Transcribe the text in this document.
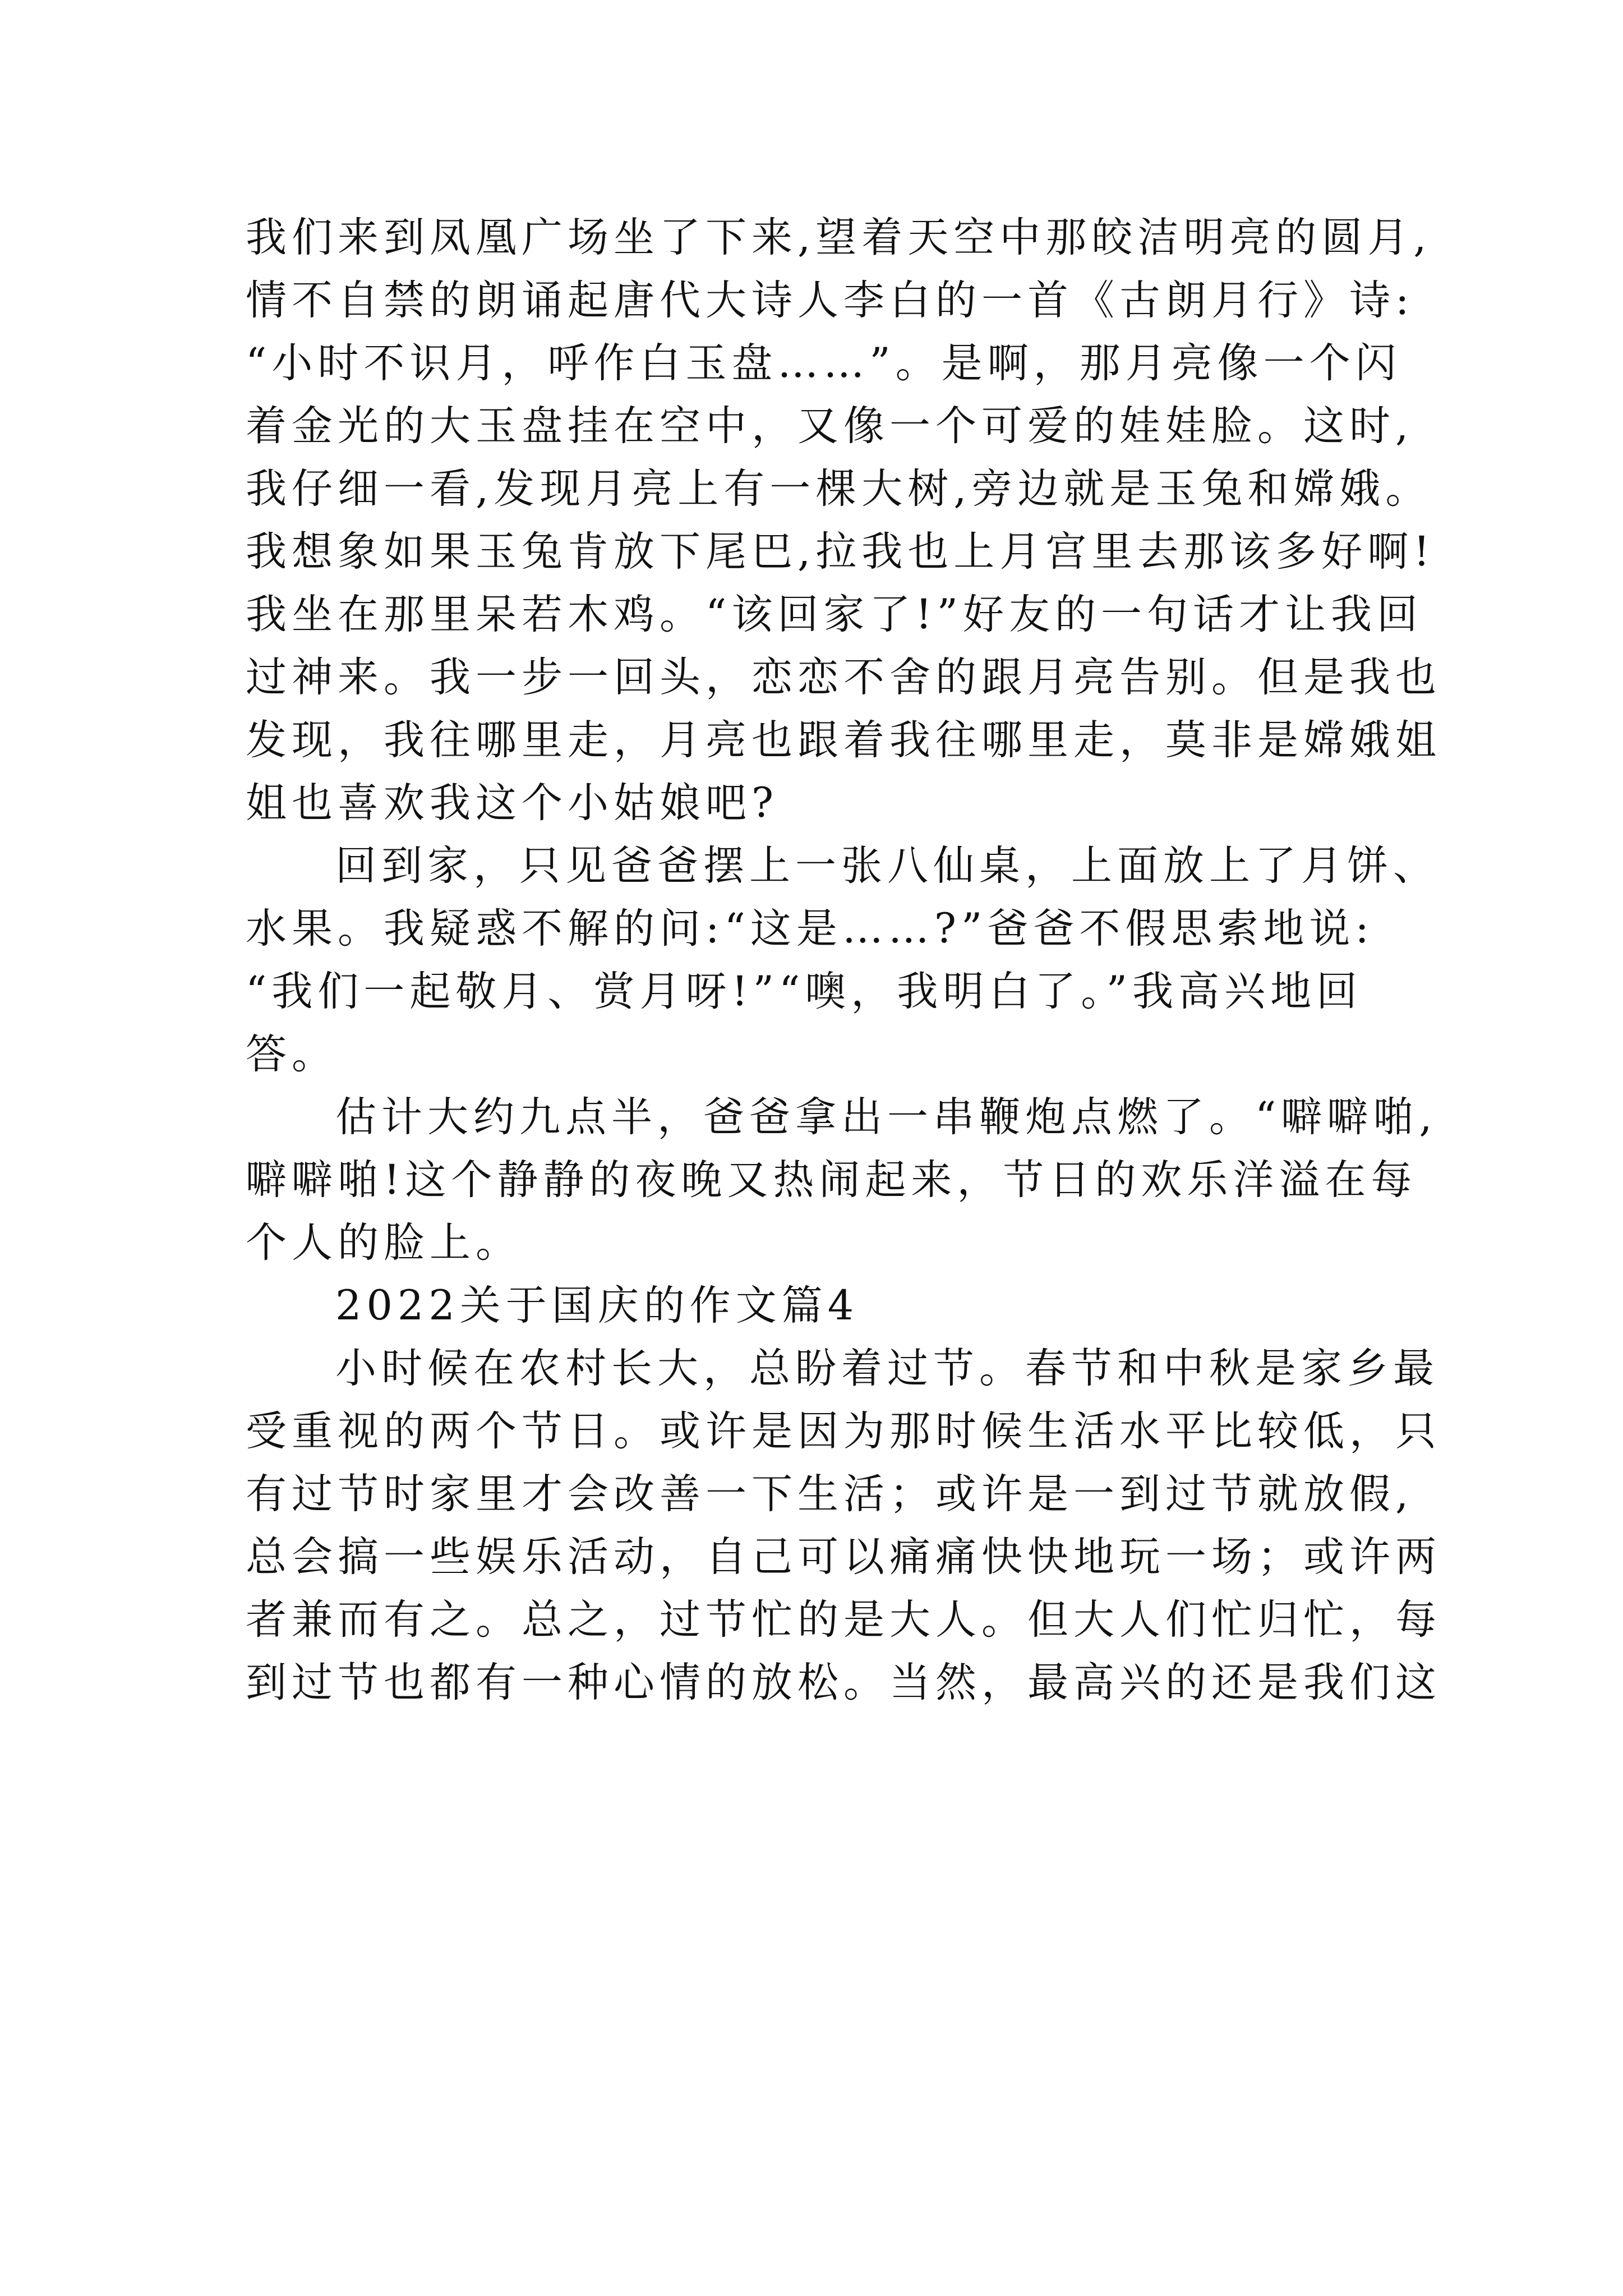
我们来到凤凰广场坐了下来,望着天空中那皎洁明亮的圆月,
情不自禁的朗诵起唐代大诗人李白的一首《古朗月行》诗:
“小时不识月，呼作白玉盘……”。是啊，那月亮像一个闪
着金光的大玉盘挂在空中，又像一个可爱的娃娃脸。这时,
我仔细一看,发现月亮上有一棵大树,旁边就是玉兔和嫦娥。
我想象如果玉兔肯放下尾巴,拉我也上月宫里去那该多好啊!
我坐在那里呆若木鸡。“该回家了!”好友的一句话才让我回
过神来。我一步一回头，恋恋不舍的跟月亮告别。但是我也
发现，我往哪里走，月亮也跟着我往哪里走，莫非是嫦娥姐
姐也喜欢我这个小姑娘吧?
回到家，只见爸爸摆上一张八仙桌，上面放上了月饼、
水果。我疑惑不解的问:“这是……?”爸爸不假思索地说:
“我们一起敬月、赏月呀!”“噢，我明白了。”我高兴地回
答。
估计大约九点半，爸爸拿出一串鞭炮点燃了。“噼噼啪,
噼噼啪!这个静静的夜晚又热闹起来，节日的欢乐洋溢在每
个人的脸上。
2022关于国庆的作文篇4
小时候在农村长大，总盼着过节。春节和中秋是家乡最
受重视的两个节日。或许是因为那时候生活水平比较低，只
有过节时家里才会改善一下生活；或许是一到过节就放假,
总会搞一些娱乐活动，自己可以痛痛快快地玩一场；或许两
者兼而有之。总之，过节忙的是大人。但大人们忙归忙，每
到过节也都有一种心情的放松。当然，最高兴的还是我们这
